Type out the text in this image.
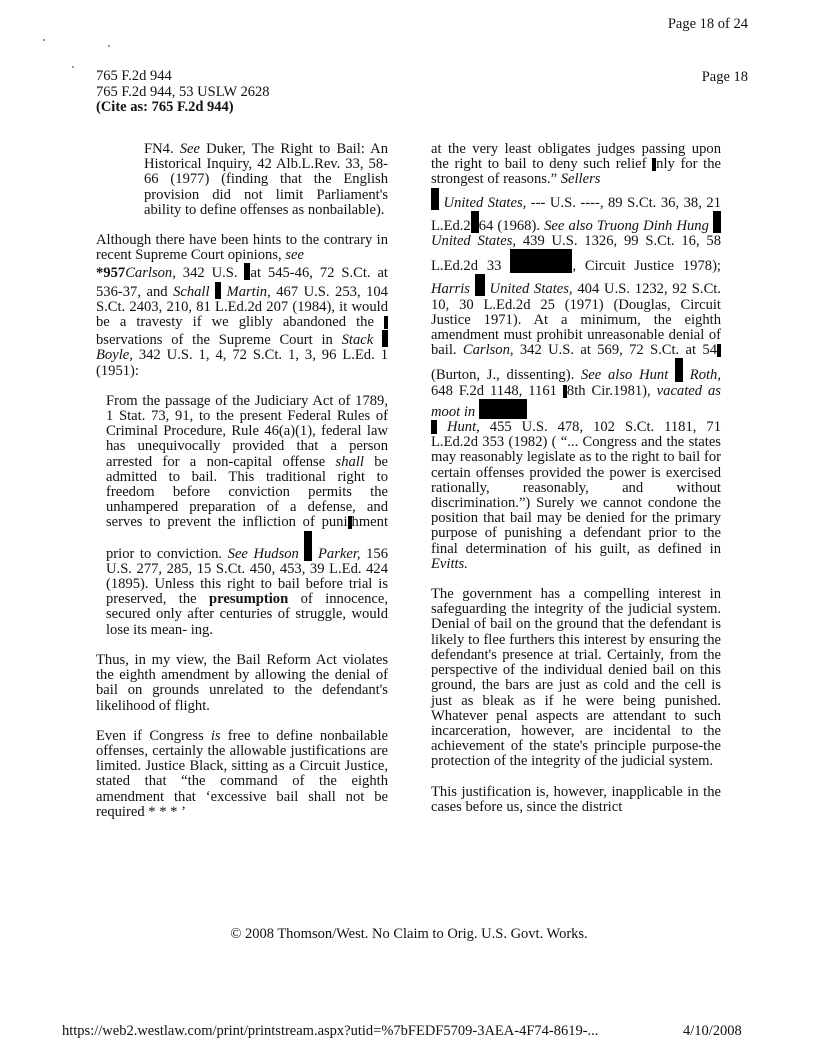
Page 18 of 24
765 F.2d 944
765 F.2d 944, 53 USLW 2628
(Cite as: 765 F.2d 944)
Page 18

FN4. See Duker, The Right to Bail: An Historical Inquiry, 42 Alb.L.Rev. 33, 58-66 (1977) (finding that the English provision did not limit Parliament's ability to define offenses as nonbailable).

Although there have been hints to the contrary in recent Supreme Court opinions, see
*957Carlson, 342 U.S. at 545-46, 72 S.Ct. at 536-37, and Schall  Martin, 467 U.S. 253, 104 S.Ct. 2403, 210, 81 L.Ed.2d 207 (1984), it would be a travesty if we glibly abandoned the bservations of the Supreme Court in Stack  Boyle, 342 U.S. 1, 4, 72 S.Ct. 1, 3, 96 L.Ed. 1 (1951):

From the passage of the Judiciary Act of 1789, 1 Stat. 73, 91, to the present Federal Rules of Criminal Procedure, Rule 46(a)(1), federal law has unequivocally provided that a person arrested for a non-capital offense shall be admitted to bail. This traditional right to freedom before conviction permits the unhampered preparation of a defense, and serves to prevent the infliction of puni hment prior to conviction. See Hudson  Parker, 156 U.S. 277, 285, 15 S.Ct. 450, 453, 39 L.Ed. 424 (1895). Unless this right to bail before trial is preserved, the presumption of innocence, secured only after centuries of struggle, would lose its mean- ing.

Thus, in my view, the Bail Reform Act violates the eighth amendment by allowing the denial of bail on grounds unrelated to the defendant's likelihood of flight.

Even if Congress is free to define nonbailable offenses, certainly the allowable justifications are limited. Justice Black, sitting as a Circuit Justice, stated that “the command of the eighth amendment that ‘excessive bail shall not be required * * * ’

at the very least obligates judges passing upon the right to bail to deny such relief nly for the strongest of reasons.” Sellers
United States, --- U.S. ----, 89 S.Ct. 36, 38, 21 L.Ed.2 64 (1968). See also Truong Dinh Hung  United States, 439 U.S. 1326, 99 S.Ct. 16, 58 L.Ed.2d 33	, Circuit Justice 1978); Harris  United States, 404 U.S. 1232, 92 S.Ct. 10, 30 L.Ed.2d 25 (1971) (Douglas, Circuit Justice 1971). At a minimum, the eighth amendment must prohibit unreasonable denial of bail. Carlson, 342 U.S. at 569, 72 S.Ct. at 54 (Burton, J., dissenting). See also Hunt  Roth, 648 F.2d 1148, 1161 8th Cir.1981), vacated as moot in
Hunt, 455 U.S. 478, 102 S.Ct. 1181, 71 L.Ed.2d 353 (1982) ( “... Congress and the states may reasonably legislate as to the right to bail for certain offenses provided the power is exercised rationally, reasonably, and without discrimination.”) Surely we cannot condone the position that bail may be denied for the primary purpose of punishing a defendant prior to the final determination of his guilt, as defined in Evitts.

The government has a compelling interest in safeguarding the integrity of the judicial system. Denial of bail on the ground that the defendant is likely to flee furthers this interest by ensuring the defendant's presence at trial. Certainly, from the perspective of the individual denied bail on this ground, the bars are just as cold and the cell is just as bleak as if he were being punished. Whatever penal aspects are attendant to such incarceration, however, are incidental to the achievement of the state's principle purpose-the protection of the integrity of the judicial system.

This justification is, however, inapplicable in the cases before us, since the district

© 2008 Thomson/West. No Claim to Orig. U.S. Govt. Works.
https://web2.westlaw.com/print/printstream.aspx?utid=%7bFEDF5709-3AEA-4F74-8619-...	4/10/2008
